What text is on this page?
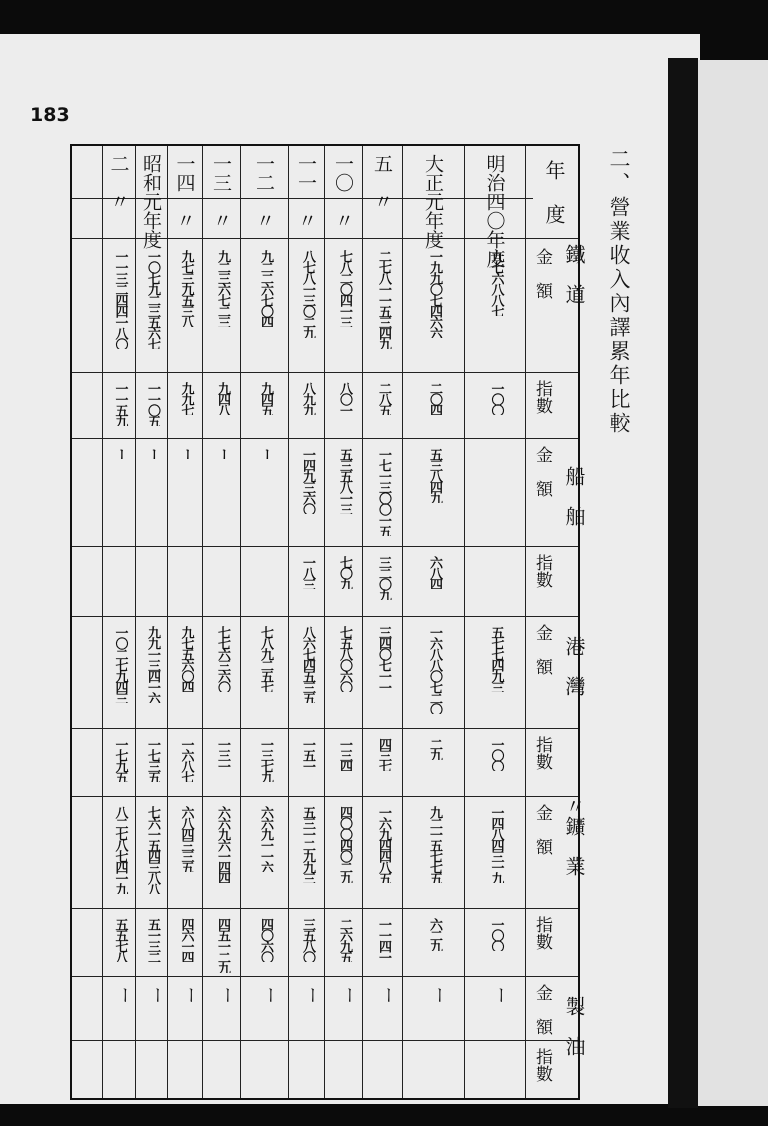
183
二、營業收入內譯累年比較
年 度
鐵　道
船　舶
港　灣
〃鑛　業
製　油
金　額
指數
金　額
指數
金　額
指數
金　額
指數
金　額
指數
明治四〇年度
九七六八八七
一〇〇
五七七四九三
一〇〇
一四八四三一九
一〇〇
ー
大正元年度
一九九〇七四六六
二〇四
五三八四九
六八四
一六八八〇七二〇
二九
九二一五七七五
六二九
ー
五　〃
二七八一一五三四九
二八五
一七一三〇〇一五
三二〇九
三四〇七一一
四三七
一六九四四八五
一一四一
ー
一〇　〃
七八二〇四一三
八〇一
五三五八一三
七〇九
七五八〇六〇
一三四
四〇〇四〇二九
二六九五
ー
一一　〃
八七八一三〇二九
八九九
一四九三六〇
一八三
八六七四五三五
一五一
五三一二九九三
三五八〇
ー
一二　〃
九二二六七〇四
九四五
ー
七八九二五七
一三七九
六六九一一六
四〇六〇
ー
一三　〃
九二三六七二三
九四八
ー
七七六三六〇
一三一
六六九六一四四
四五一二九
ー
一四　〃
九七三九五三八
九九七
ー
九七五六〇四
一六八七
六八四三三五
四六一四
ー
昭和元年度
一〇七九二三五六七
一一〇五
ー
九九一三四一六
一七三五
七六一五四三八八
五一三二
ー
二　〃
一一三二四四一八〇
一一五九
ー
一〇二七九四三
一七九五
八二七八七四一九
五五七八
ー
